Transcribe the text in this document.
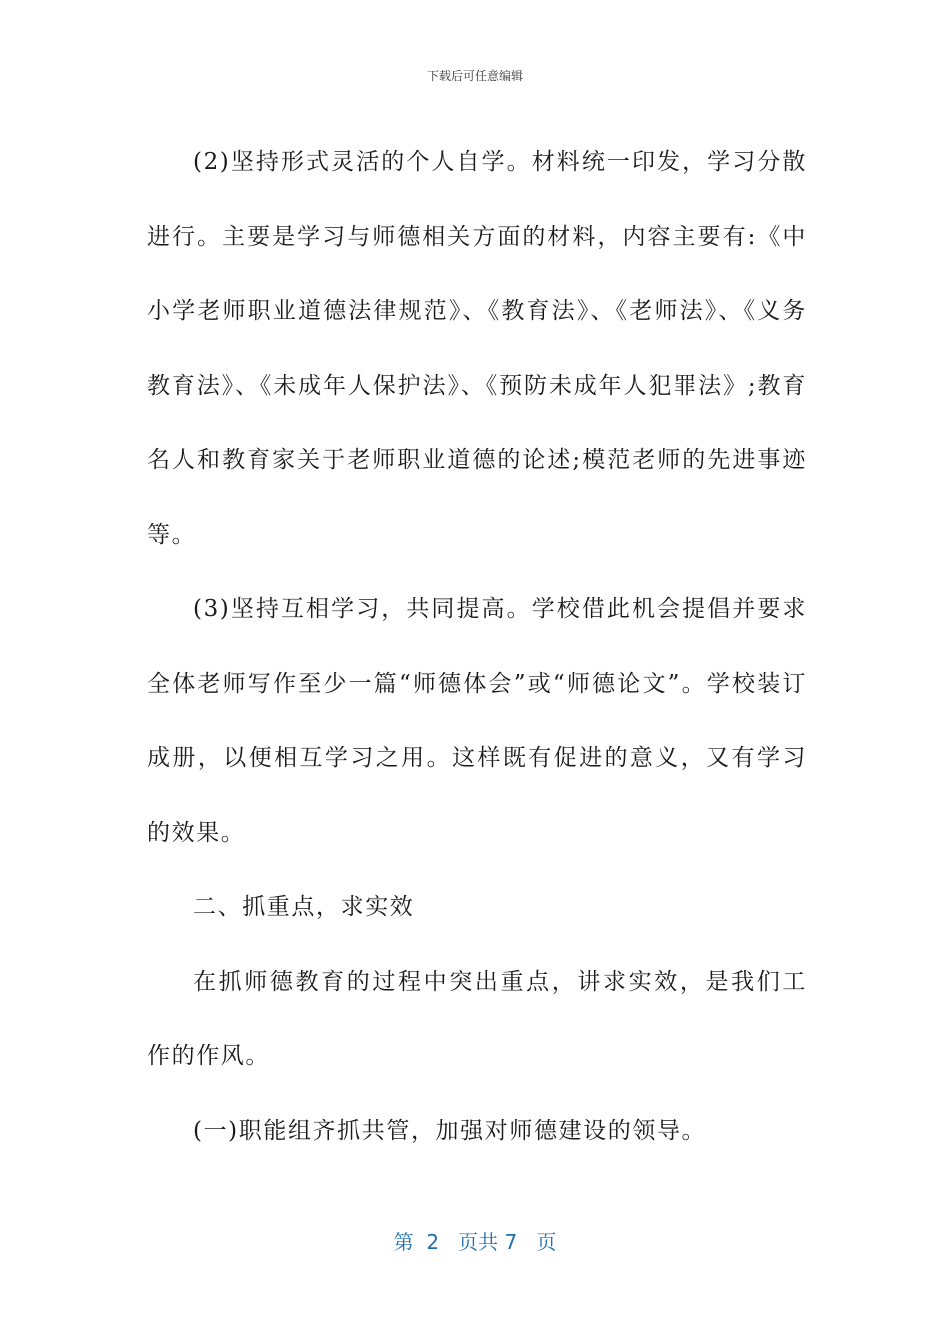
下载后可任意编辑

(2)坚持形式灵活的个人自学。材料统一印发，学习分散进行。主要是学习与师德相关方面的材料，内容主要有:《中小学老师职业道德法律规范》、《教育法》、《老师法》、《义务教育法》、《未成年人保护法》、《预防未成年人犯罪法》;教育名人和教育家关于老师职业道德的论述;模范老师的先进事迹等。

(3)坚持互相学习，共同提高。学校借此机会提倡并要求全体老师写作至少一篇“师德体会”或“师德论文”。学校装订成册，以便相互学习之用。这样既有促进的意义，又有学习的效果。

二、抓重点，求实效

在抓师德教育的过程中突出重点，讲求实效，是我们工作的作风。

(一)职能组齐抓共管，加强对师德建设的领导。

第 2 页共 7 页
